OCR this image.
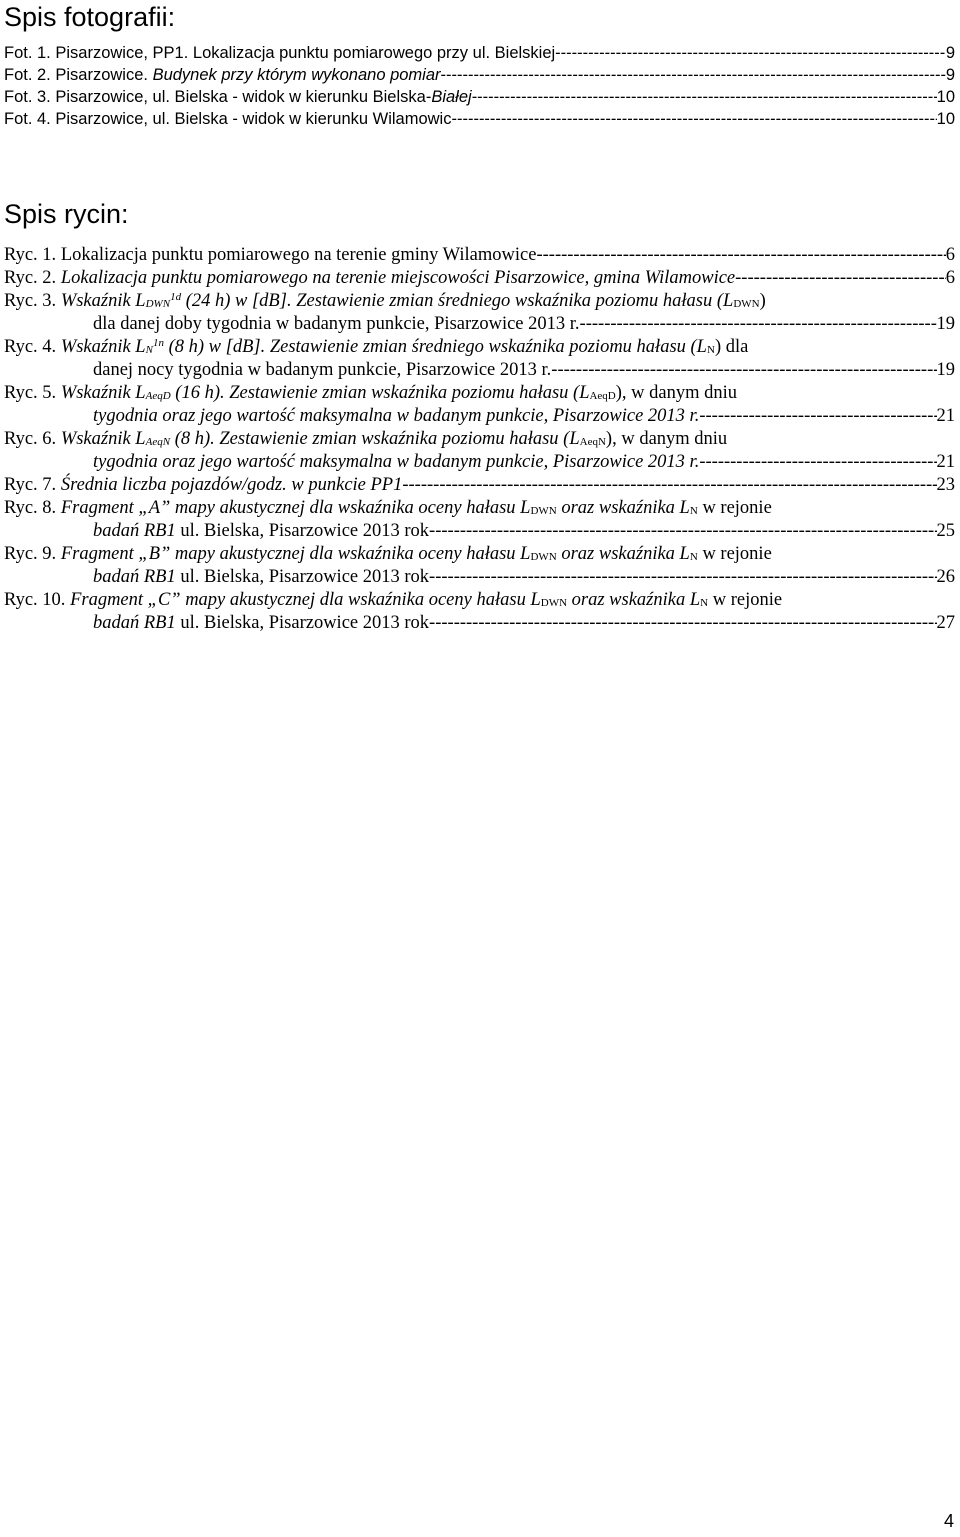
Spis fotografii:
Fot. 1. Pisarzowice, PP1. Lokalizacja punktu pomiarowego przy ul. Bielskiej -----	9
Fot. 2. Pisarzowice. Budynek przy którym wykonano pomiar -----	9
Fot. 3. Pisarzowice, ul. Bielska - widok w kierunku Bielska-Białej -----	10
Fot. 4. Pisarzowice, ul. Bielska - widok w kierunku Wilamowic -----	10
Spis rycin:
Ryc. 1. Lokalizacja punktu pomiarowego na terenie gminy Wilamowice -----	6
Ryc. 2. Lokalizacja punktu pomiarowego na terenie miejscowości Pisarzowice, gmina Wilamowice -----	6
Ryc. 3. Wskaźnik $L_{DWN}^{1d}$ (24 h) w [dB]. Zestawienie zmian średniego wskaźnika poziomu hałasu $(L_{DWN})$
dla danej doby tygodnia w badanym punkcie, Pisarzowice 2013 r. -----	19
Ryc. 4. Wskaźnik $L_N^{1n}$ (8 h) w [dB]. Zestawienie zmian średniego wskaźnika poziomu hałasu $(L_N)$ dla
danej nocy tygodnia w badanym punkcie, Pisarzowice 2013 r. -----	19
Ryc. 5. Wskaźnik $L_{AeqD}$ (16 h). Zestawienie zmian wskaźnika poziomu hałasu $(L_{AeqD})$, w danym dniu
tygodnia oraz jego wartość maksymalna w badanym punkcie, Pisarzowice 2013 r. -----	21
Ryc. 6. Wskaźnik $L_{AeqN}$ (8 h). Zestawienie zmian wskaźnika poziomu hałasu $(L_{AeqN})$, w danym dniu
tygodnia oraz jego wartość maksymalna w badanym punkcie, Pisarzowice 2013 r. -----	21
Ryc. 7. Średnia liczba pojazdów/godz. w punkcie PP1 -----	23
Ryc. 8. Fragment „A” mapy akustycznej dla wskaźnika oceny hałasu $L_{DWN}$ oraz wskaźnika $L_N$ w rejonie
badań RB1 ul. Bielska, Pisarzowice 2013 rok -----	25
Ryc. 9. Fragment „B” mapy akustycznej dla wskaźnika oceny hałasu $L_{DWN}$ oraz wskaźnika $L_N$ w rejonie
badań RB1 ul. Bielska, Pisarzowice 2013 rok -----	26
Ryc. 10. Fragment „C” mapy akustycznej dla wskaźnika oceny hałasu $L_{DWN}$ oraz wskaźnika $L_N$ w rejonie
badań RB1 ul. Bielska, Pisarzowice 2013 rok -----	27
4
